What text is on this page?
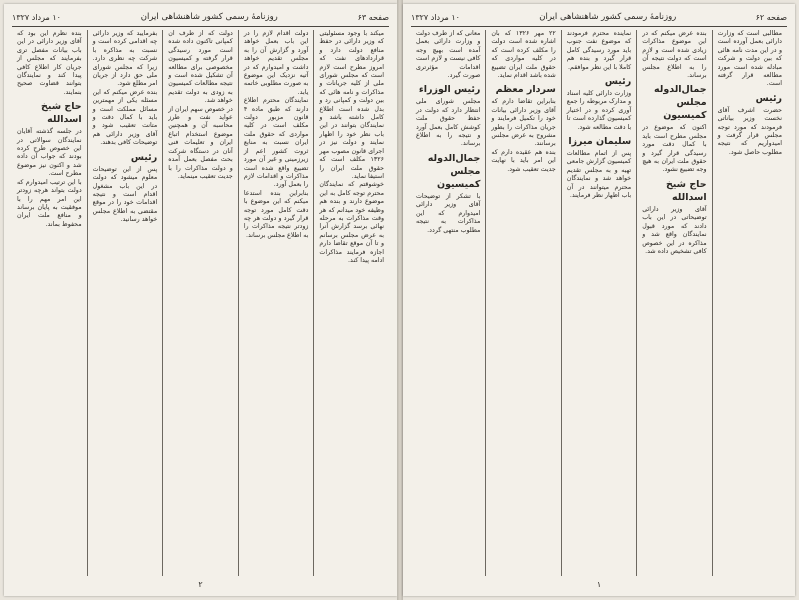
صفحه ۶۳
روزنامهٔ رسمی کشور شاهنشاهی ایران
۱۰ مرداد ۱۳۲۷

میکند با وجود مسئولیتی که وزیر دارائی در حفظ منافع دولت دارد و قراردادهای نفت که امروز مطرح است لازم است که مجلس شورای ملی از کلیه جریانات و مذاکرات و نامه هائی که بین دولت و کمپانی رد و بدل شده است اطلاع کامل داشته باشد و نمایندگان بتوانند در این باب نظر خود را اظهار نمایند و دولت نیز در اجرای قانون مصوب مهر ۱۳۲۶ مکلف است که حقوق ملت ایران را استیفا نماید.

خوشوقتم که نمایندگان محترم توجه کامل به این موضوع دارند و بنده هم وظیفه خود میدانم که هر وقت مذاکرات به مرحله نهائی برسد گزارش آنرا به عرض مجلس برسانم و تا آن موقع تقاضا دارم اجازه فرمایند مذاکرات ادامه پیدا کند.

دولت اقدام لازم را در این باب بعمل خواهد آورد و گزارش آن را به مجلس تقدیم خواهد داشت و امیدوارم که در آتیه نزدیک این موضوع به صورت مطلوبی خاتمه یابد.

نمایندگان محترم اطلاع دارند که طبق ماده ۴ قانون مزبور دولت مکلف است در کلیه مواردی که حقوق ملت ایران نسبت به منابع ثروت کشور اعم از زیرزمینی و غیر آن مورد تضییع واقع شده است مذاکرات و اقدامات لازم را بعمل آورد.

بنابراین بنده استدعا میکنم که این موضوع با دقت کامل مورد توجه قرار گیرد و دولت هر چه زودتر نتیجه مذاکرات را به اطلاع مجلس برساند.

دولت که از طرف آن کمپانی تاکنون داده شده است مورد رسیدگی قرار گرفته و کمیسیون مخصوصی برای مطالعه آن تشکیل شده است و نتیجه مطالعات کمیسیون به زودی به دولت تقدیم خواهد شد.

در خصوص سهم ایران از عواید نفت و طرز محاسبه آن و همچنین موضوع استخدام اتباع ایران و تعلیمات فنی آنان در دستگاه شرکت بحث مفصل بعمل آمده و دولت مذاکرات را با جدیت تعقیب مینماید.

بفرمایید که وزیر دارائی چه اقدامی کرده است و نسبت به مذاکره با شرکت چه نظری دارد. زیرا که مجلس شورای ملی حق دارد از جریان امر مطلع شود.

بنده عرض میکنم که این مسئله یکی از مهمترین مسائل مملکت است و باید با کمال دقت و متانت تعقیب شود و آقای وزیر دارائی هم توضیحات کافی بدهند.

رئیس

پس از این توضیحات معلوم میشود که دولت در این باب مشغول اقدام است و نتیجه اقدامات خود را در موقع مقتضی به اطلاع مجلس خواهد رسانید.

بنده نظرم این بود که آقای وزیر دارائی در این باب بیانات مفصل تری بفرمایند که مجلس از جریان کار اطلاع کافی پیدا کند و نمایندگان بتوانند قضاوت صحیح بنمایند.

حاج شیخ اسدالله

در جلسه گذشته آقایان نمایندگان سوالاتی در این خصوص طرح کرده بودند که جواب آن داده شد و اکنون نیز موضوع مطرح است.

با این ترتیب امیدوارم که دولت بتواند هرچه زودتر این امر مهم را با موفقیت به پایان برساند و منافع ملت ایران محفوظ بماند.

۲
صفحه ۶۲
روزنامهٔ رسمی کشور شاهنشاهی ایران
۱۰ مرداد ۱۳۲۷

مطالبی است که وزارت دارائی بعمل آورده است و در این مدت نامه هائی که بین دولت و شرکت مبادله شده است مورد مطالعه قرار گرفته است.

رئیس

حضرت اشرف آقای نخست وزیر بیاناتی فرمودند که مورد توجه مجلس قرار گرفت و امیدواریم که نتیجه مطلوب حاصل شود.

بنده عرض میکنم که در این موضوع مذاکرات زیادی شده است و لازم است که دولت نتیجه آن را به اطلاع مجلس برساند.

جمال‌الدوله مجلس کمیسیون

اکنون که موضوع در مجلس مطرح است باید با کمال دقت مورد رسیدگی قرار گیرد و حقوق ملت ایران به هیچ وجه تضییع نشود.

حاج شیخ اسدالله

آقای وزیر دارائی توضیحاتی در این باب دادند که مورد قبول نمایندگان واقع شد و مذاکره در این خصوص کافی تشخیص داده شد.

نماینده محترم فرمودند که موضوع نفت جنوب باید مورد رسیدگی کامل قرار گیرد و بنده هم کاملا با این نظر موافقم.

رئیس

وزارت دارائی کلیه اسناد و مدارک مربوطه را جمع آوری کرده و در اختیار کمیسیون گذارده است تا با دقت مطالعه شود.

سلیمان میرزا

پس از اتمام مطالعات کمیسیون گزارش جامعی تهیه و به مجلس تقدیم خواهد شد و نمایندگان محترم میتوانند در آن باب اظهار نظر فرمایند.

۲۲ مهر ۱۳۲۶ که بآن اشاره شده است دولت را مکلف کرده است که در کلیه مواردی که حقوق ملت ایران تضییع شده باشد اقدام نماید.

سردار معظم

بنابراین تقاضا دارم که آقای وزیر دارائی بیانات خود را تکمیل فرمایند و جریان مذاکرات را بطور مشروح به عرض مجلس برسانند.

بنده هم عقیده دارم که این امر باید با نهایت جدیت تعقیب شود.

معانی که از طرف دولت و وزارت دارائی بعمل آمده است بهیچ وجه کافی نیست و لازم است اقدامات مؤثرتری صورت گیرد.

رئیس الوزراء

مجلس شورای ملی انتظار دارد که دولت در حفظ حقوق ملت کوشش کامل بعمل آورد و نتیجه را به اطلاع برساند.

جمال‌الدوله مجلس کمیسیون

با تشکر از توضیحات آقای وزیر دارائی امیدوارم که این مذاکرات به نتیجه مطلوب منتهی گردد.

۱
